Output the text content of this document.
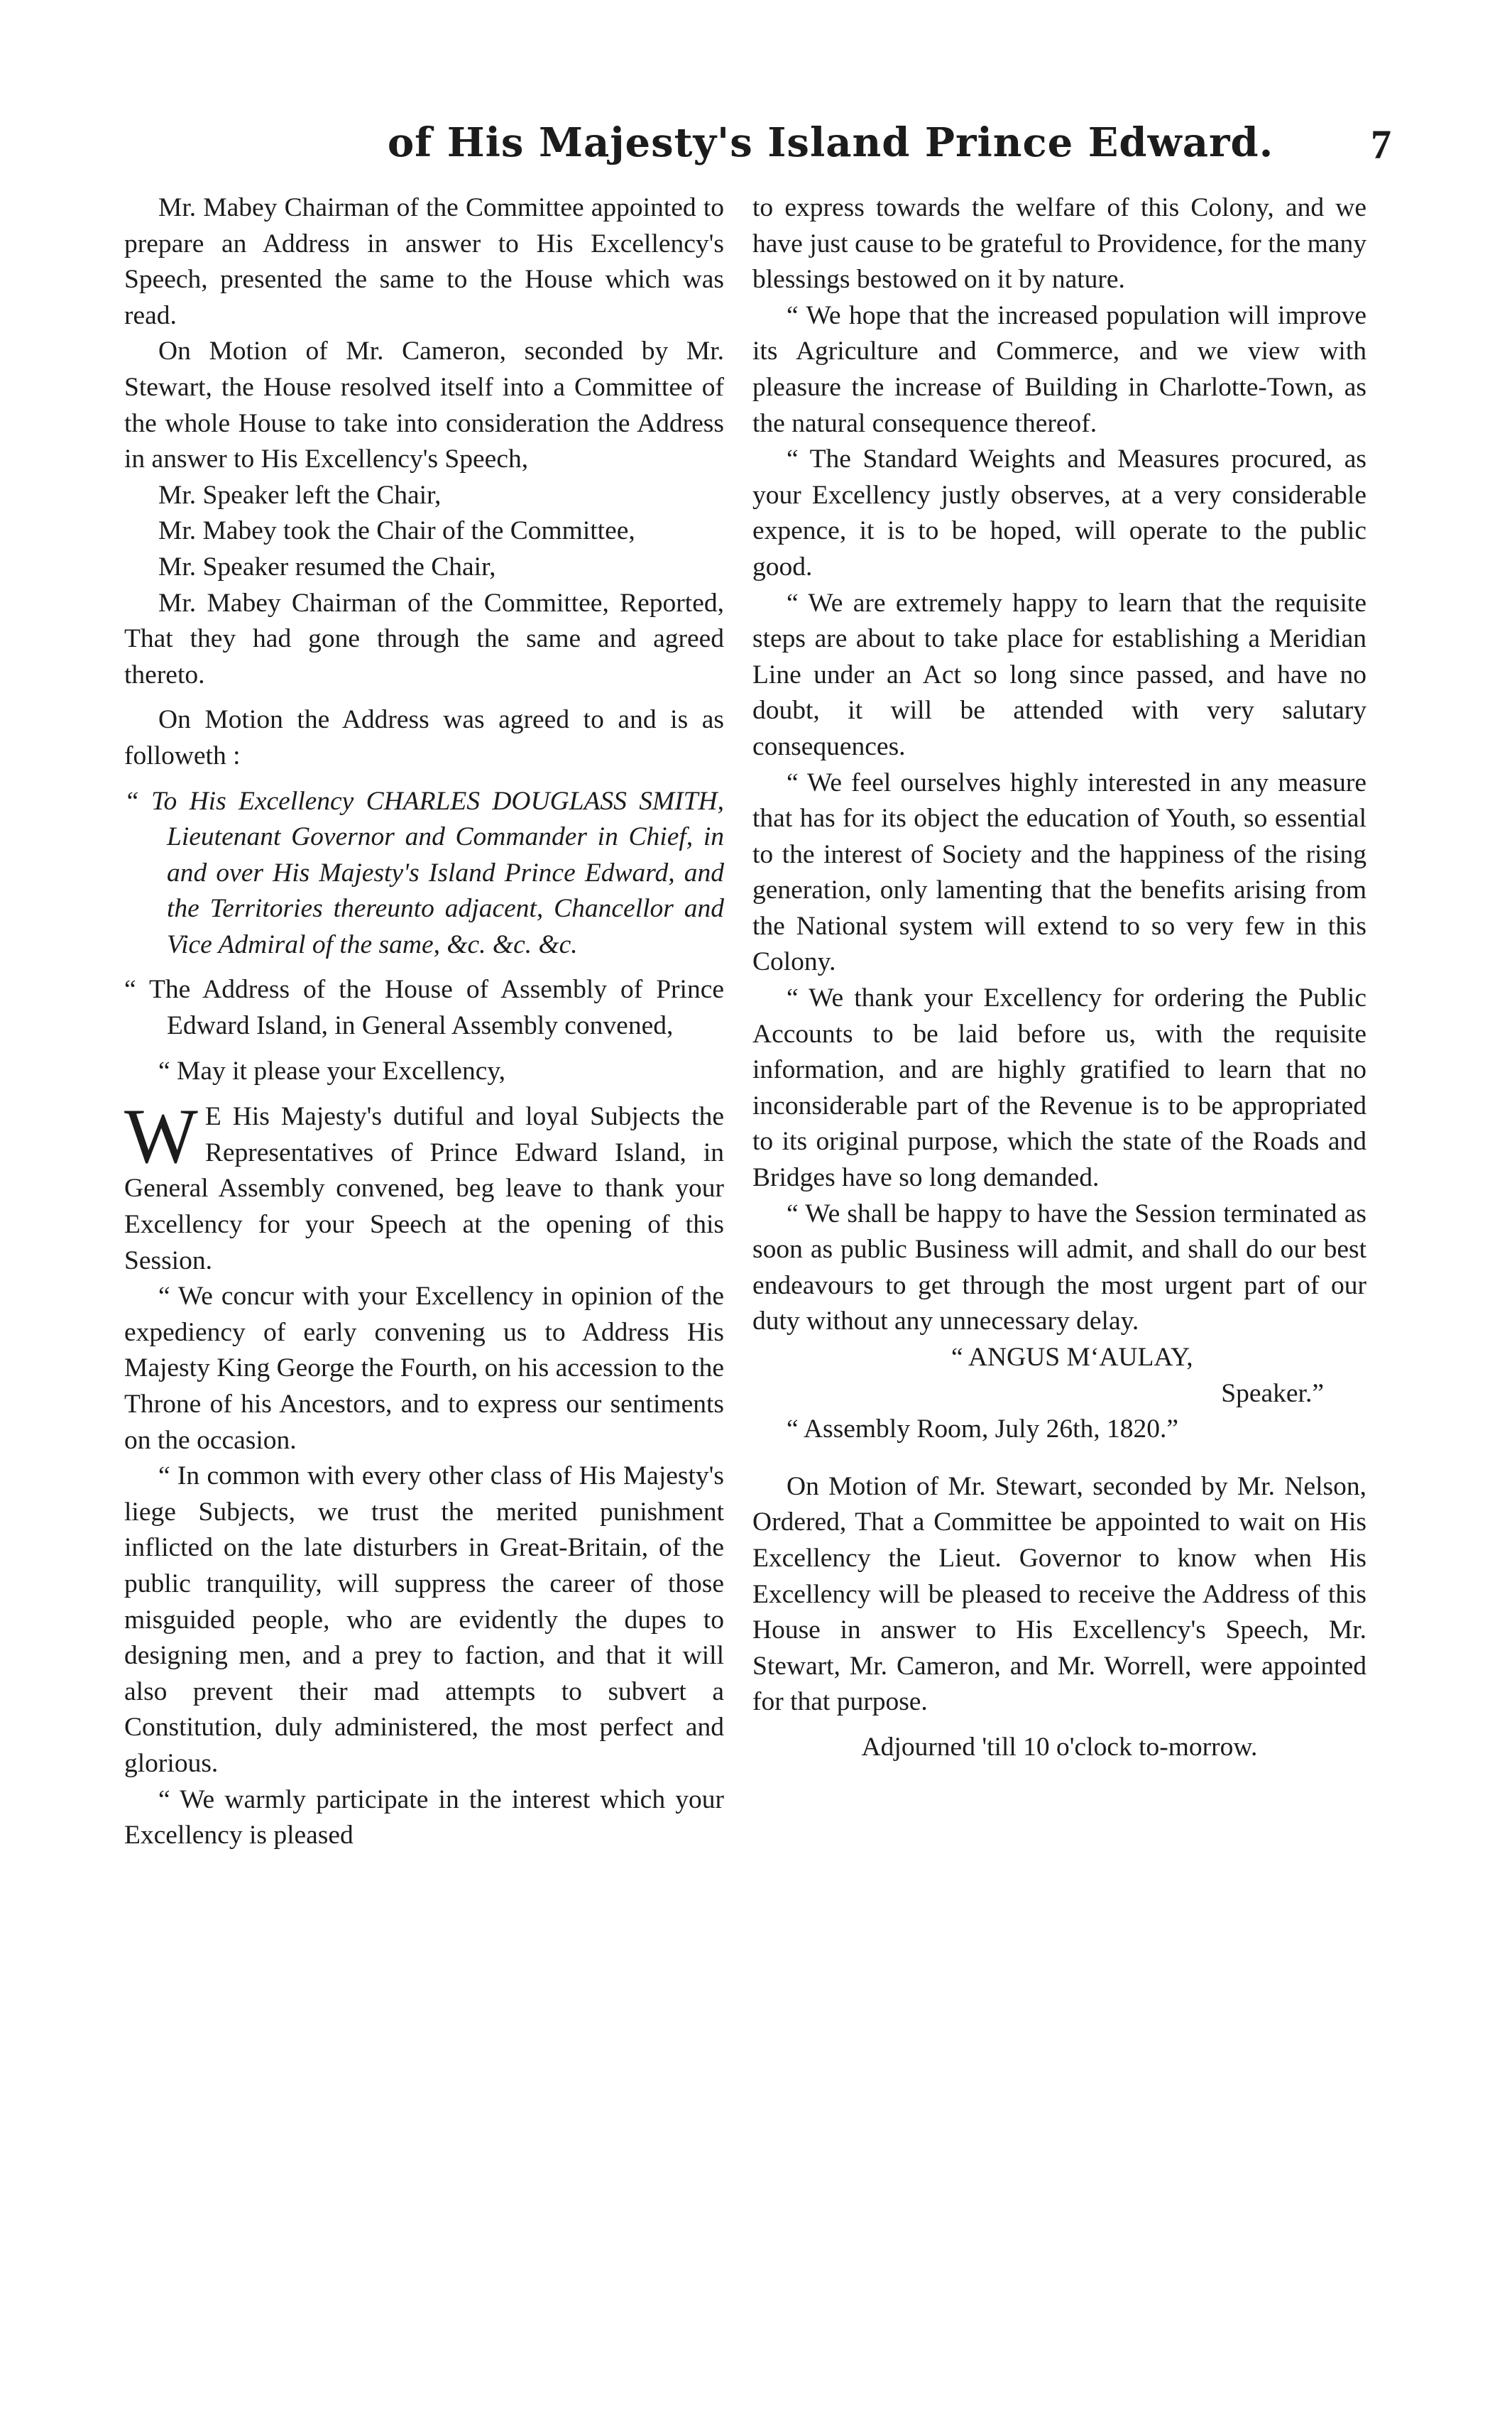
of His Majesty's Island Prince Edward.	7

Mr. Mabey Chairman of the Committee appointed to prepare an Address in answer to His Excellency's Speech, presented the same to the House which was read.

On Motion of Mr. Cameron, seconded by Mr. Stewart, the House resolved itself into a Committee of the whole House to take into consideration the Address in answer to His Excellency's Speech,

Mr. Speaker left the Chair,

Mr. Mabey took the Chair of the Committee,

Mr. Speaker resumed the Chair,

Mr. Mabey Chairman of the Committee, Reported, That they had gone through the same and agreed thereto.

On Motion the Address was agreed to and is as followeth :

“ To His Excellency CHARLES DOUGLASS SMITH, Lieutenant Governor and Commander in Chief, in and over His Majesty's Island Prince Edward, and the Territories thereunto adjacent, Chancellor and Vice Admiral of the same, &c. &c. &c.

“ The Address of the House of Assembly of Prince Edward Island, in General Assembly convened,

“ May it please your Excellency,

W E His Majesty's dutiful and loyal Subjects the Representatives of Prince Edward Island, in General Assembly convened, beg leave to thank your Excellency for your Speech at the opening of this Session.

“ We concur with your Excellency in opinion of the expediency of early convening us to Address His Majesty King George the Fourth, on his accession to the Throne of his Ancestors, and to express our sentiments on the occasion.

“ In common with every other class of His Majesty's liege Subjects, we trust the merited punishment inflicted on the late disturbers in Great-Britain, of the public tranquility, will suppress the career of those misguided people, who are evidently the dupes to designing men, and a prey to faction, and that it will also prevent their mad attempts to subvert a Constitution, duly administered, the most perfect and glorious.

“ We warmly participate in the interest which your Excellency is pleased

to express towards the welfare of this Colony, and we have just cause to be grateful to Providence, for the many blessings bestowed on it by nature.

“ We hope that the increased population will improve its Agriculture and Commerce, and we view with pleasure the increase of Building in Charlotte-Town, as the natural consequence thereof.

“ The Standard Weights and Measures procured, as your Excellency justly observes, at a very considerable expence, it is to be hoped, will operate to the public good.

“ We are extremely happy to learn that the requisite steps are about to take place for establishing a Meridian Line under an Act so long since passed, and have no doubt, it will be attended with very salutary consequences.

“ We feel ourselves highly interested in any measure that has for its object the education of Youth, so essential to the interest of Society and the happiness of the rising generation, only lamenting that the benefits arising from the National system will extend to so very few in this Colony.

“ We thank your Excellency for ordering the Public Accounts to be laid before us, with the requisite information, and are highly gratified to learn that no inconsiderable part of the Revenue is to be appropriated to its original purpose, which the state of the Roads and Bridges have so long demanded.

“ We shall be happy to have the Session terminated as soon as public Business will admit, and shall do our best endeavours to get through the most urgent part of our duty without any unnecessary delay.

“ ANGUS M‘AULAY,

Speaker.”

“ Assembly Room, July 26th, 1820.”

On Motion of Mr. Stewart, seconded by Mr. Nelson, Ordered, That a Committee be appointed to wait on His Excellency the Lieut. Governor to know when His Excellency will be pleased to receive the Address of this House in answer to His Excellency's Speech, Mr. Stewart, Mr. Cameron, and Mr. Worrell, were appointed for that purpose.

Adjourned 'till 10 o'clock to-morrow.
